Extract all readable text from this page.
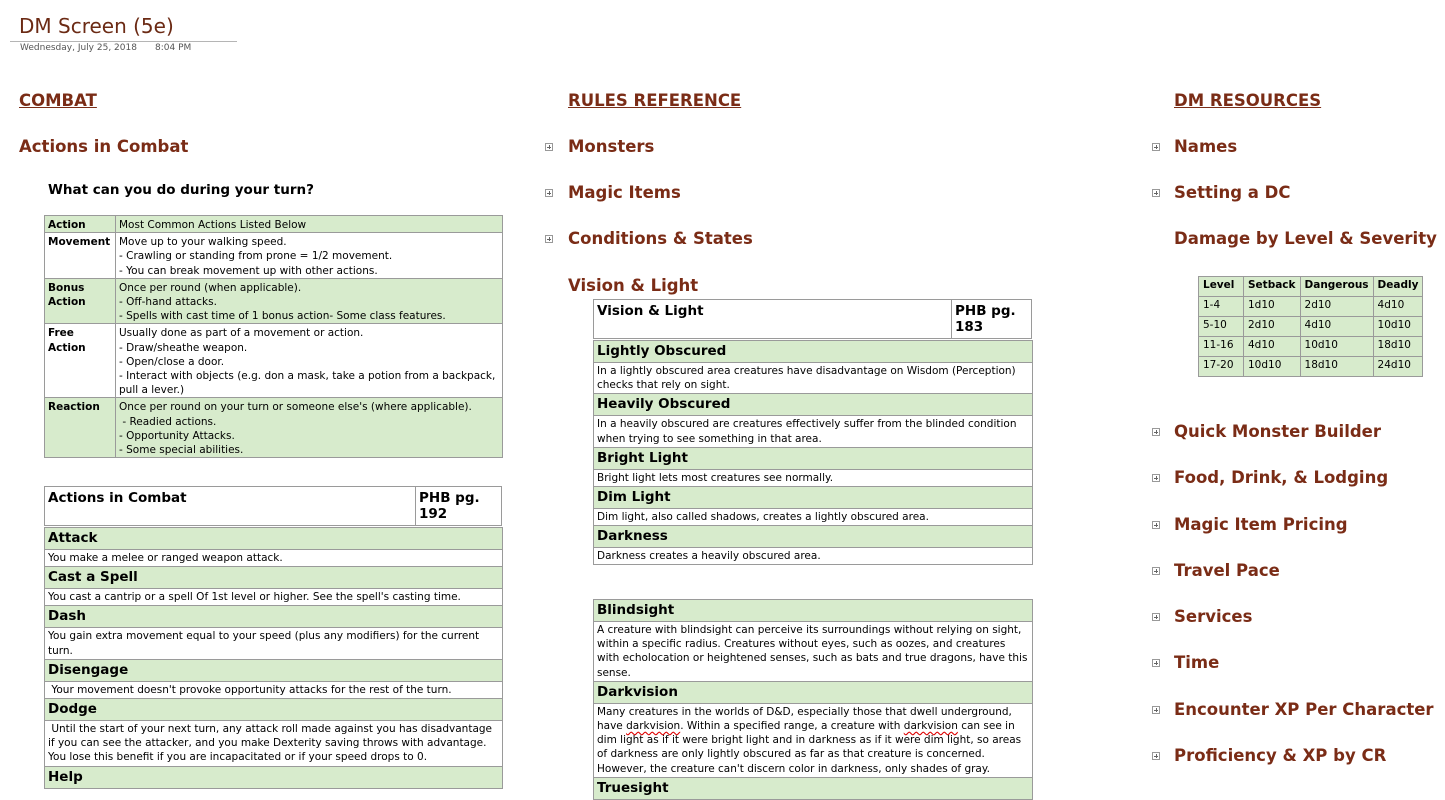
DM Screen (5e)
Wednesday, July 25, 2018 8:04 PM
COMBAT
Actions in Combat
What can you do during your turn?
Action	Most Common Actions Listed Below

Movement	Move up to your walking speed.
- Crawling or standing from prone = 1/2 movement.
- You can break movement up with other actions.

Bonus Action	Once per round (when applicable).
- Off-hand attacks.
- Spells with cast time of 1 bonus action- Some class features.

Free Action	Usually done as part of a movement or action.
- Draw/sheathe weapon.
- Open/close a door.
- Interact with objects (e.g. don a mask, take a potion from a backpack, pull a lever.)

Reaction	Once per round on your turn or someone else's (where applicable).
- Readied actions.
- Opportunity Attacks.
- Some special abilities.
Actions in Combat	PHB pg. 192
Attack
You make a melee or ranged weapon attack.
Cast a Spell
You cast a cantrip or a spell Of 1st level or higher. See the spell's casting time.
Dash
You gain extra movement equal to your speed (plus any modifiers) for the current turn.
Disengage
Your movement doesn't provoke opportunity attacks for the rest of the turn.
Dodge
Until the start of your next turn, any attack roll made against you has disadvantage if you can see the attacker, and you make Dexterity saving throws with advantage. You lose this benefit if you are incapacitated or if your speed drops to 0.
Help
RULES REFERENCE
Monsters
Magic Items
Conditions & States
Vision & Light
Vision & Light	PHB pg. 183
Lightly Obscured
In a lightly obscured area creatures have disadvantage on Wisdom (Perception) checks that rely on sight.
Heavily Obscured
In a heavily obscured are creatures effectively suffer from the blinded condition when trying to see something in that area.
Bright Light
Bright light lets most creatures see normally.
Dim Light
Dim light, also called shadows, creates a lightly obscured area.
Darkness
Darkness creates a heavily obscured area.
Blindsight
A creature with blindsight can perceive its surroundings without relying on sight, within a specific radius. Creatures without eyes, such as oozes, and creatures with echolocation or heightened senses, such as bats and true dragons, have this sense.
Darkvision
Many creatures in the worlds of D&D, especially those that dwell underground, have darkvision. Within a specified range, a creature with darkvision can see in dim light as if it were bright light and in darkness as if it were dim light, so areas of darkness are only lightly obscured as far as that creature is concerned. However, the creature can't discern color in darkness, only shades of gray.
Truesight
DM RESOURCES
Names
Setting a DC
Damage by Level & Severity
Level	Setback	Dangerous	Deadly
1-4	1d10	2d10	4d10
5-10	2d10	4d10	10d10
11-16	4d10	10d10	18d10
17-20	10d10	18d10	24d10
Quick Monster Builder
Food, Drink, & Lodging
Magic Item Pricing
Travel Pace
Services
Time
Encounter XP Per Character
Proficiency & XP by CR
